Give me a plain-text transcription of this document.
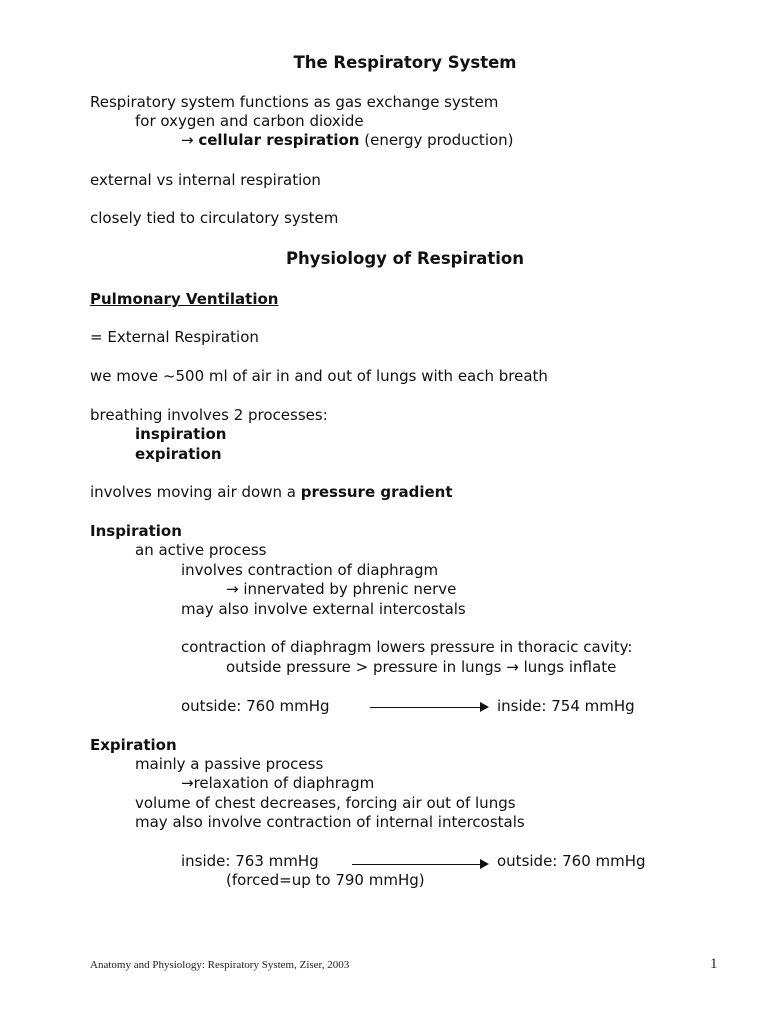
The Respiratory System
Respiratory system functions as gas exchange system
for oxygen and carbon dioxide
→ cellular respiration (energy production)
external vs internal respiration
closely tied to circulatory system
Physiology of Respiration
Pulmonary Ventilation
= External Respiration
we move ~500 ml of air in and out of lungs with each breath
breathing involves 2 processes:
inspiration
expiration
involves moving air down a pressure gradient
Inspiration
an active process
involves contraction of diaphragm
→ innervated by phrenic nerve
may also involve external intercostals
contraction of diaphragm lowers pressure in thoracic cavity:
outside pressure > pressure in lungs → lungs inflate
outside: 760 mmHg	inside: 754 mmHg
Expiration
mainly a passive process
→relaxation of diaphragm
volume of chest decreases, forcing air out of lungs
may also involve contraction of internal intercostals
inside: 763 mmHg	outside: 760 mmHg
(forced=up to 790 mmHg)
Anatomy and Physiology: Respiratory System, Ziser, 2003	1
